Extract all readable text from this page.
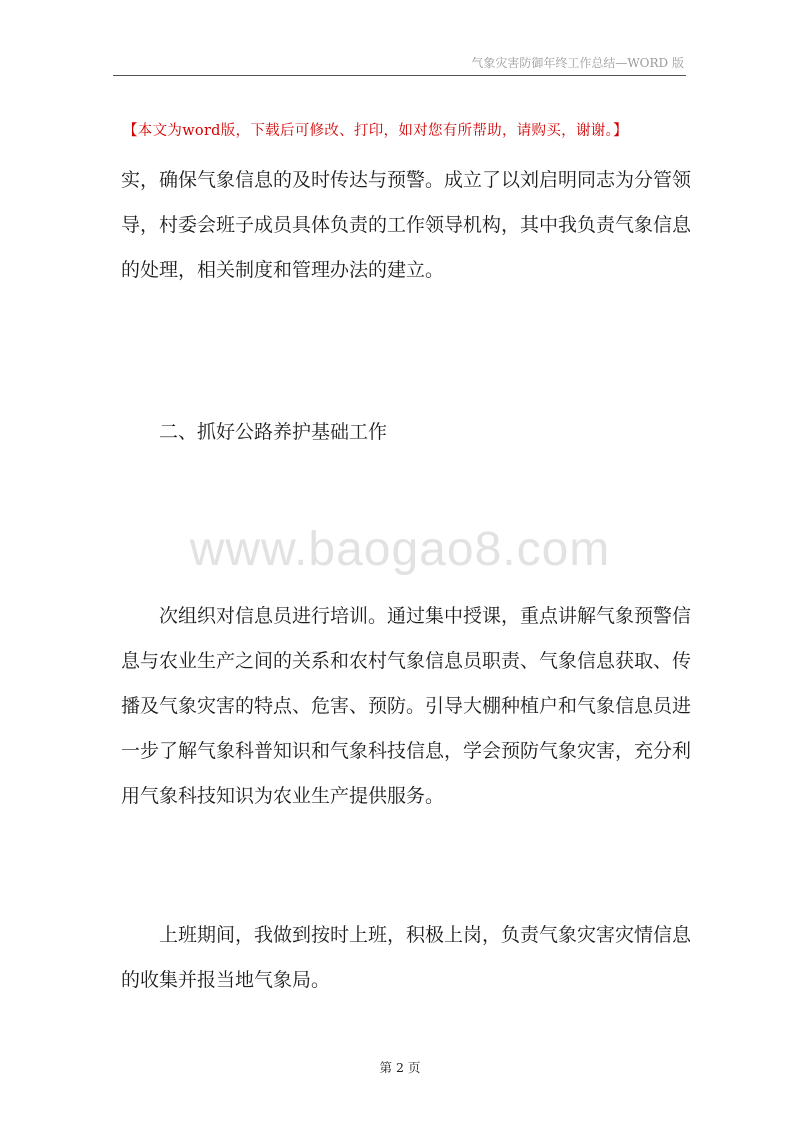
气象灾害防御年终工作总结—WORD 版
【本文为word版，下载后可修改、打印，如对您有所帮助，请购买，谢谢。】
实，确保气象信息的及时传达与预警。成立了以刘启明同志为分管领
导，村委会班子成员具体负责的工作领导机构，其中我负责气象信息
的处理，相关制度和管理办法的建立。
　　二、抓好公路养护基础工作
www.baogao8.com
　　次组织对信息员进行培训。通过集中授课，重点讲解气象预警信
息与农业生产之间的关系和农村气象信息员职责、气象信息获取、传
播及气象灾害的特点、危害、预防。引导大棚种植户和气象信息员进
一步了解气象科普知识和气象科技信息，学会预防气象灾害，充分利
用气象科技知识为农业生产提供服务。
　　上班期间，我做到按时上班，积极上岗，负责气象灾害灾情信息
的收集并报当地气象局。
第 2 页
